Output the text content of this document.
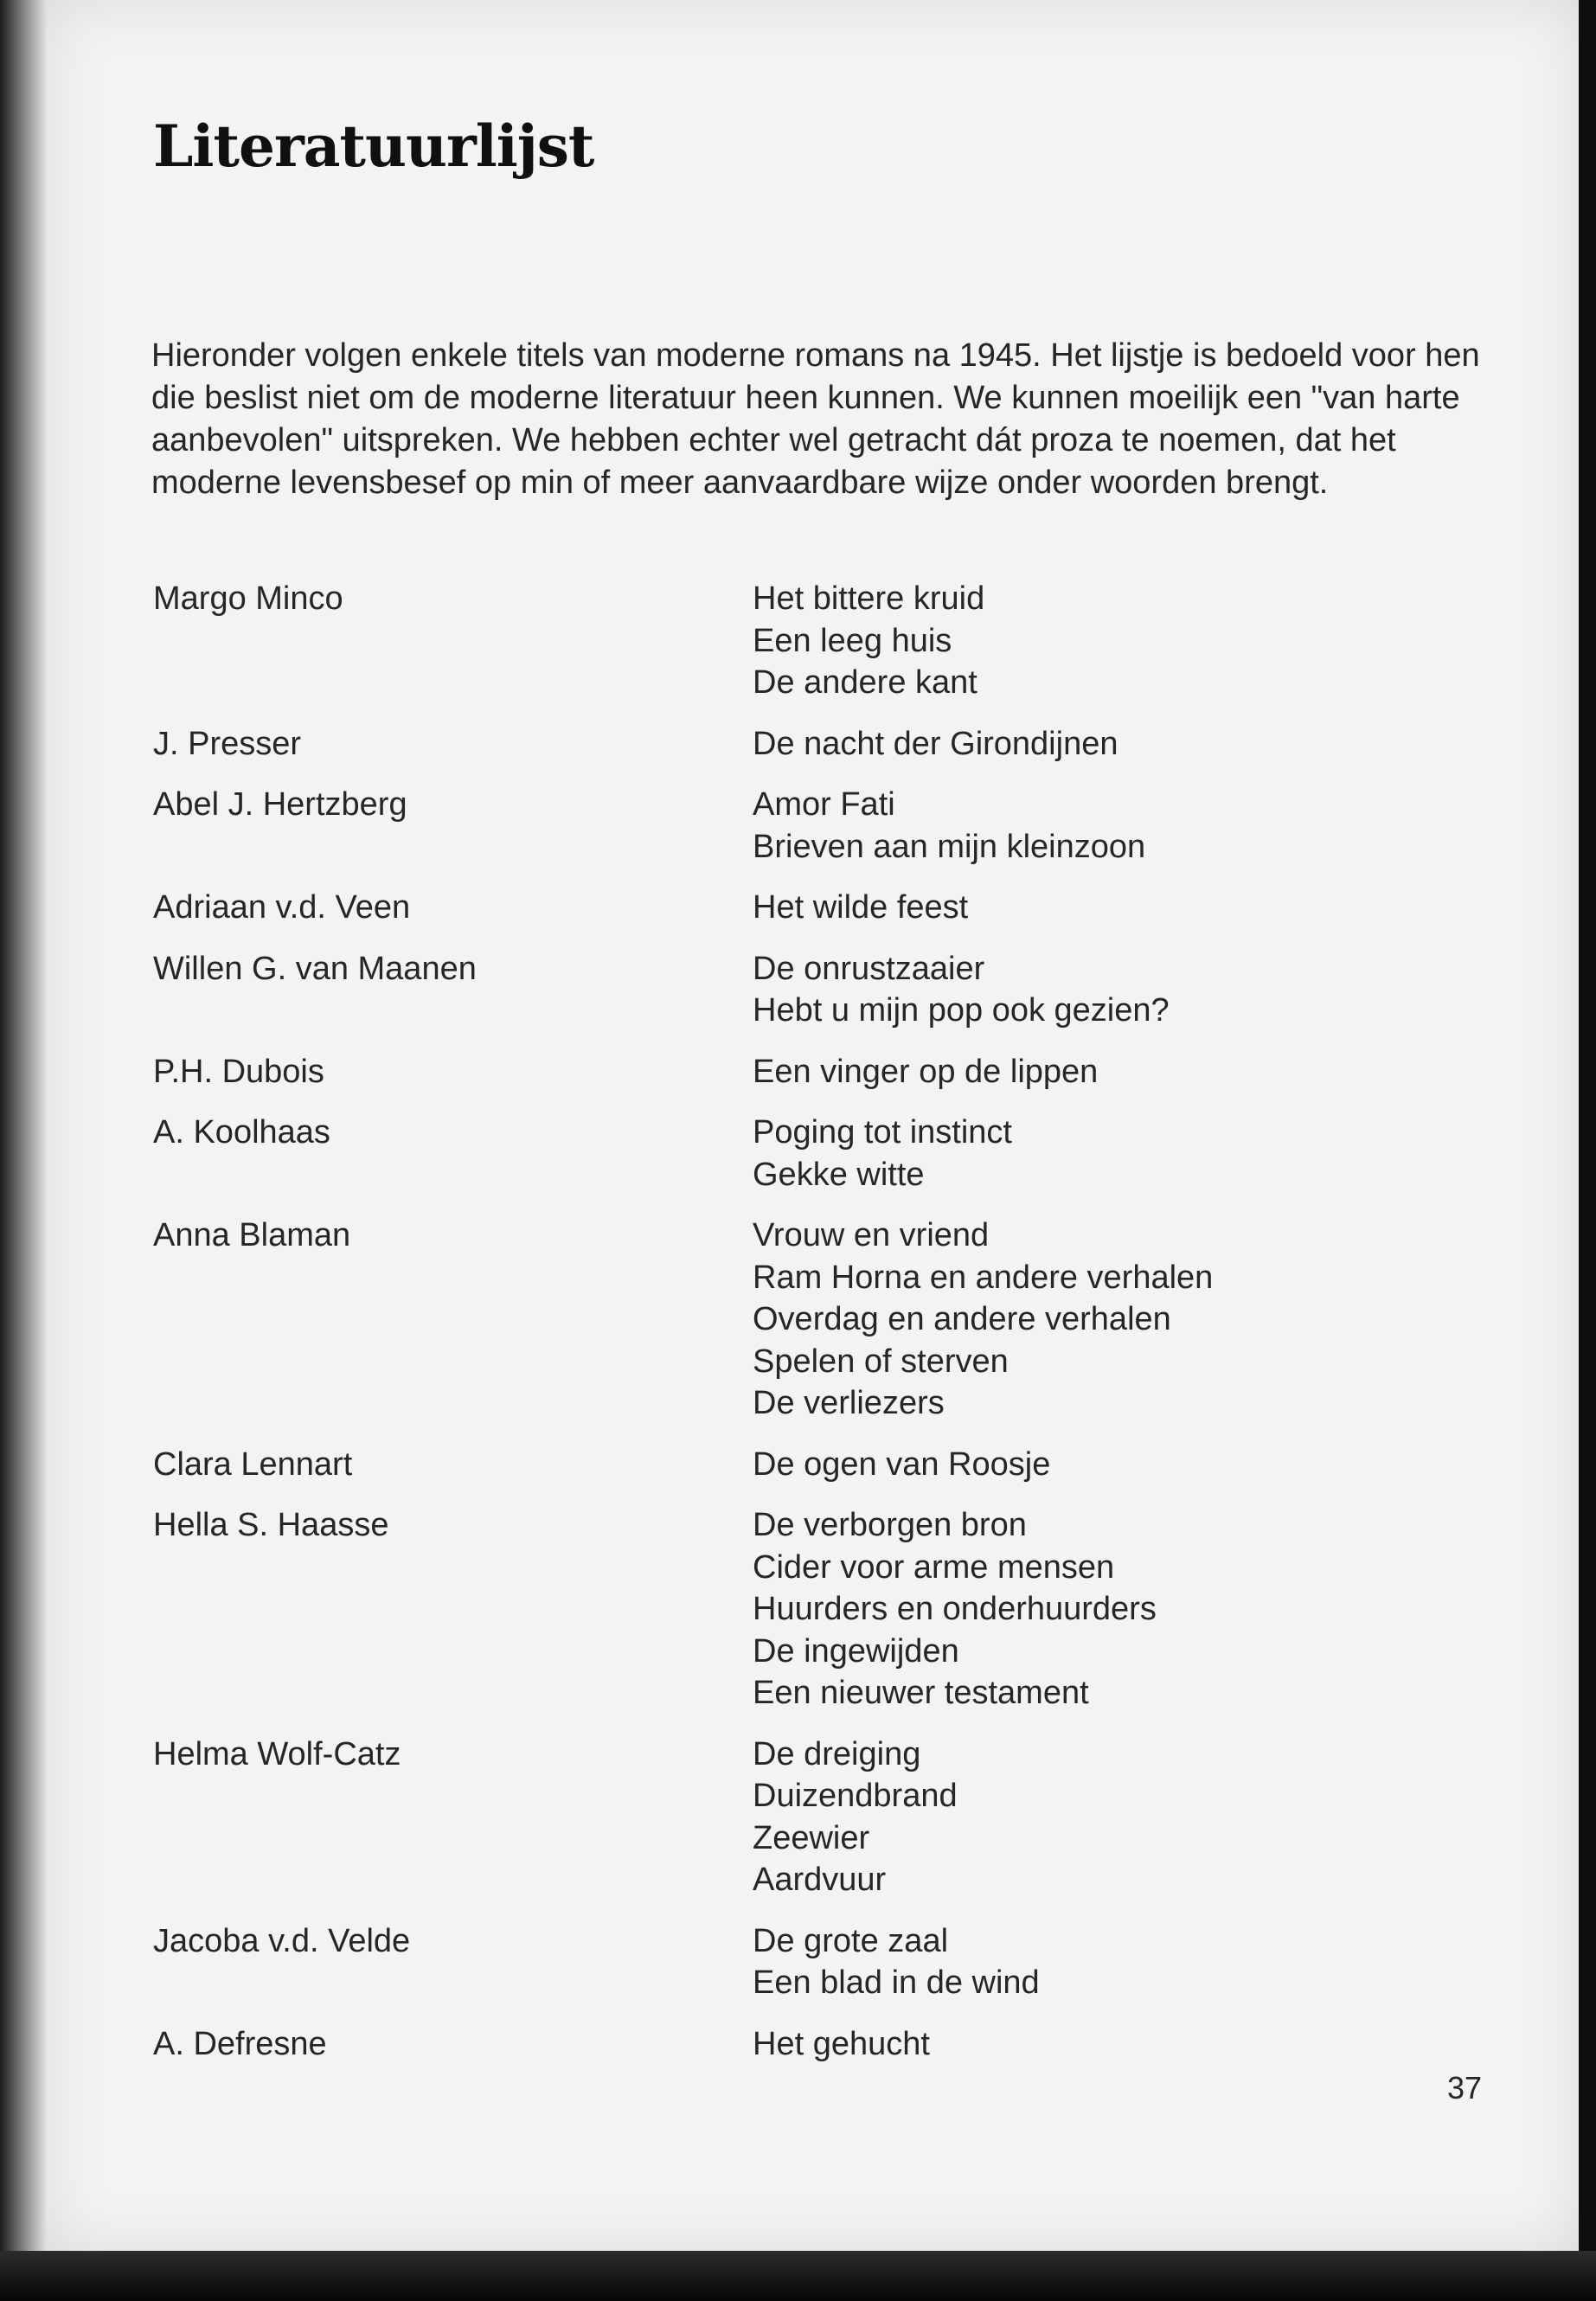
Literatuurlijst

Hieronder volgen enkele titels van moderne romans na 1945. Het lijstje is bedoeld voor hen die beslist niet om de moderne literatuur heen kunnen. We kunnen moeilijk een "van harte aanbevolen" uitspreken. We hebben echter wel getracht dát proza te noemen, dat het moderne levensbesef op min of meer aanvaardbare wijze onder woorden brengt.

Margo Minco	Het bittere kruid
Een leeg huis
De andere kant
J. Presser	De nacht der Girondijnen
Abel J. Hertzberg	Amor Fati
Brieven aan mijn kleinzoon
Adriaan v.d. Veen	Het wilde feest
Willen G. van Maanen	De onrustzaaier
Hebt u mijn pop ook gezien?
P.H. Dubois	Een vinger op de lippen
A. Koolhaas	Poging tot instinct
Gekke witte
Anna Blaman	Vrouw en vriend
Ram Horna en andere verhalen
Overdag en andere verhalen
Spelen of sterven
De verliezers
Clara Lennart	De ogen van Roosje
Hella S. Haasse	De verborgen bron
Cider voor arme mensen
Huurders en onderhuurders
De ingewijden
Een nieuwer testament
Helma Wolf-Catz	De dreiging
Duizendbrand
Zeewier
Aardvuur
Jacoba v.d. Velde	De grote zaal
Een blad in de wind
A. Defresne	Het gehucht
37
